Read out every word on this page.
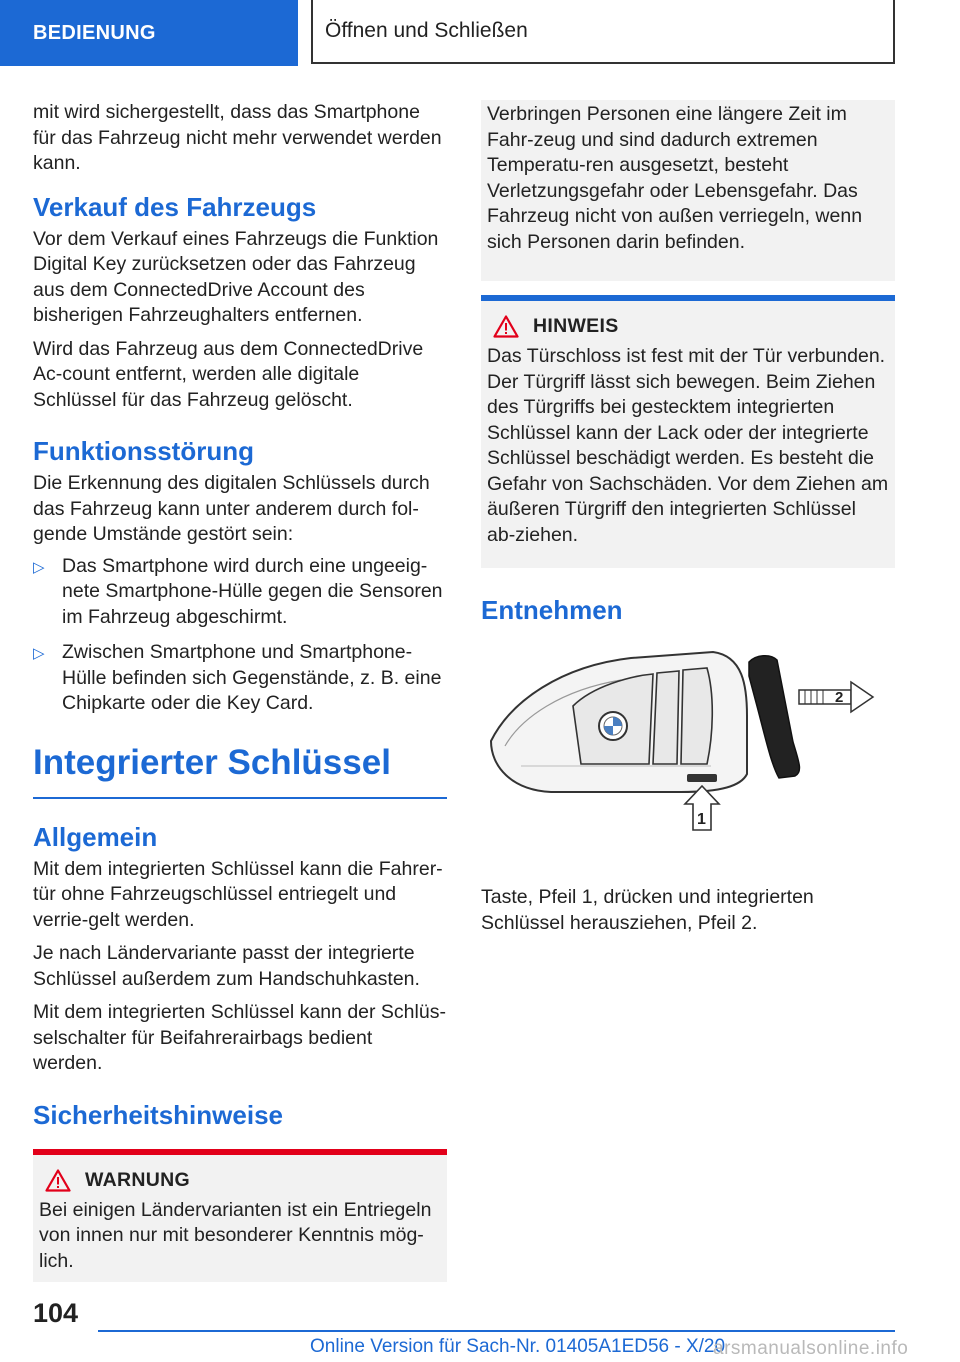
BEDIENUNG	Öffnen und Schließen

mit wird sichergestellt, dass das Smartphone für das Fahrzeug nicht mehr verwendet werden kann.

Verkauf des Fahrzeugs

Vor dem Verkauf eines Fahrzeugs die Funktion Digital Key zurücksetzen oder das Fahrzeug aus dem ConnectedDrive Account des bisherigen Fahrzeughalters entfernen.

Wird das Fahrzeug aus dem ConnectedDrive Ac-count entfernt, werden alle digitale Schlüssel für das Fahrzeug gelöscht.

Funktionsstörung

Die Erkennung des digitalen Schlüssels durch das Fahrzeug kann unter anderem durch fol-gende Umstände gestört sein:

▷ Das Smartphone wird durch eine ungeeig-nete Smartphone-Hülle gegen die Sensoren im Fahrzeug abgeschirmt.
▷ Zwischen Smartphone und Smartphone-Hülle befinden sich Gegenstände, z. B. eine Chipkarte oder die Key Card.
Integrierter Schlüssel
Allgemein

Mit dem integrierten Schlüssel kann die Fahrer-tür ohne Fahrzeugschlüssel entriegelt und verrie-gelt werden.

Je nach Ländervariante passt der integrierte Schlüssel außerdem zum Handschuhkasten.

Mit dem integrierten Schlüssel kann der Schlüs-selschalter für Beifahrerairbags bedient werden.

Sicherheitshinweise
WARNUNG

Bei einigen Ländervarianten ist ein Entriegeln von innen nur mit besonderer Kenntnis mög-lich.

Verbringen Personen eine längere Zeit im Fahr-zeug und sind dadurch extremen Temperatu-ren ausgesetzt, besteht Verletzungsgefahr oder Lebensgefahr. Das Fahrzeug nicht von außen verriegeln, wenn sich Personen darin befinden.

HINWEIS

Das Türschloss ist fest mit der Tür verbunden. Der Türgriff lässt sich bewegen. Beim Ziehen des Türgriffs bei gestecktem integrierten Schlüssel kann der Lack oder der integrierte Schlüssel beschädigt werden. Es besteht die Gefahr von Sachschäden. Vor dem Ziehen am äußeren Türgriff den integrierten Schlüssel ab-ziehen.

Entnehmen
2
1

Taste, Pfeil 1, drücken und integrierten Schlüssel herausziehen, Pfeil 2.

104
Online Version für Sach-Nr. 01405A1ED56 - X/20
arsmanualsonline.info
